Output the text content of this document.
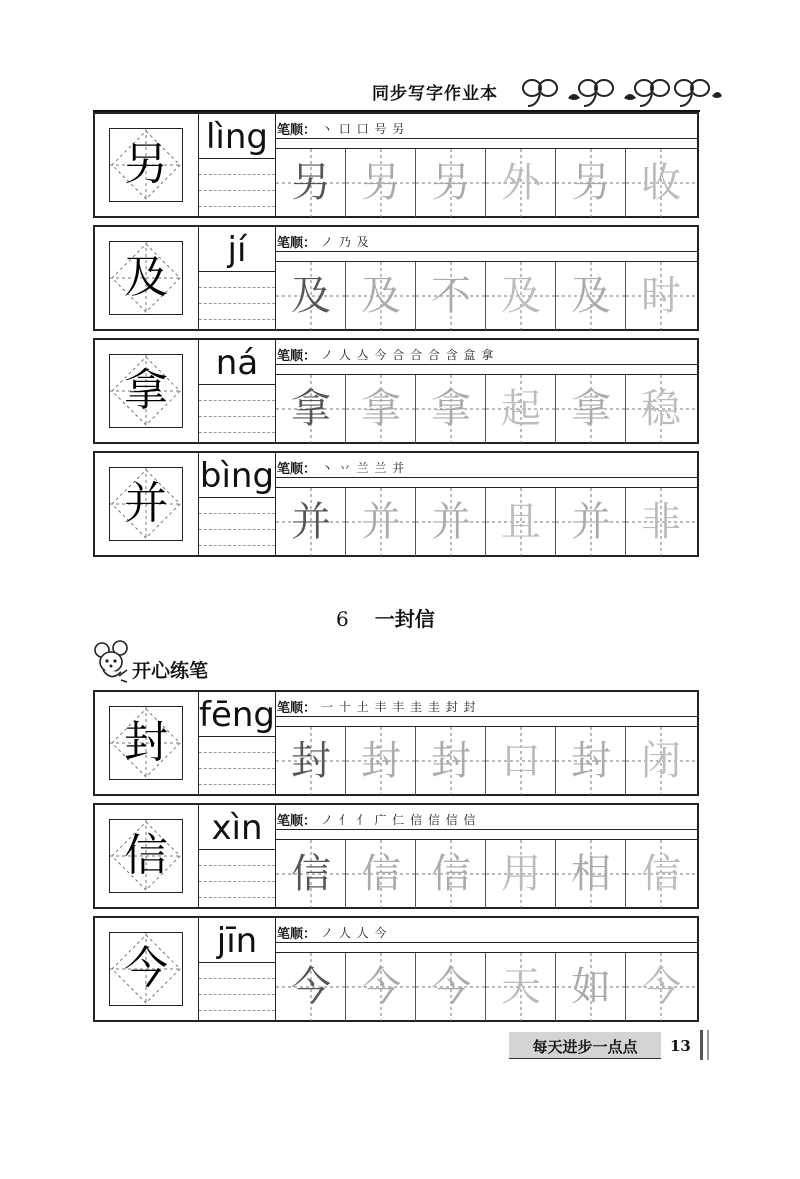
同步写字作业本
另
lìng 笔顺： 丶 口 口 号 另
另 另 另 外 另 收
及
jí	笔顺： ノ 乃 及
及 及 不 及 及 时
拿
ná	笔顺： ノ 人 亼 今 合 合 合 含 盒 拿
拿 拿 拿 起 拿 稳
并
bìng 笔顺： 丶 丷 兰 兰 并
并 并 并 且 并 非
6 一封信
开心练笔
封
fēng 笔顺： 一 十 土 丰 丰 圭 圭 封 封
封 封 封 口 封 闭
信
xìn	笔顺： ノ 亻 亻 广 仁 信 信 信 信
信 信 信 用 相 信
今
jīn	笔顺： ノ 人 人 今
今 今 今 天 如 今
每天进步一点点	13
